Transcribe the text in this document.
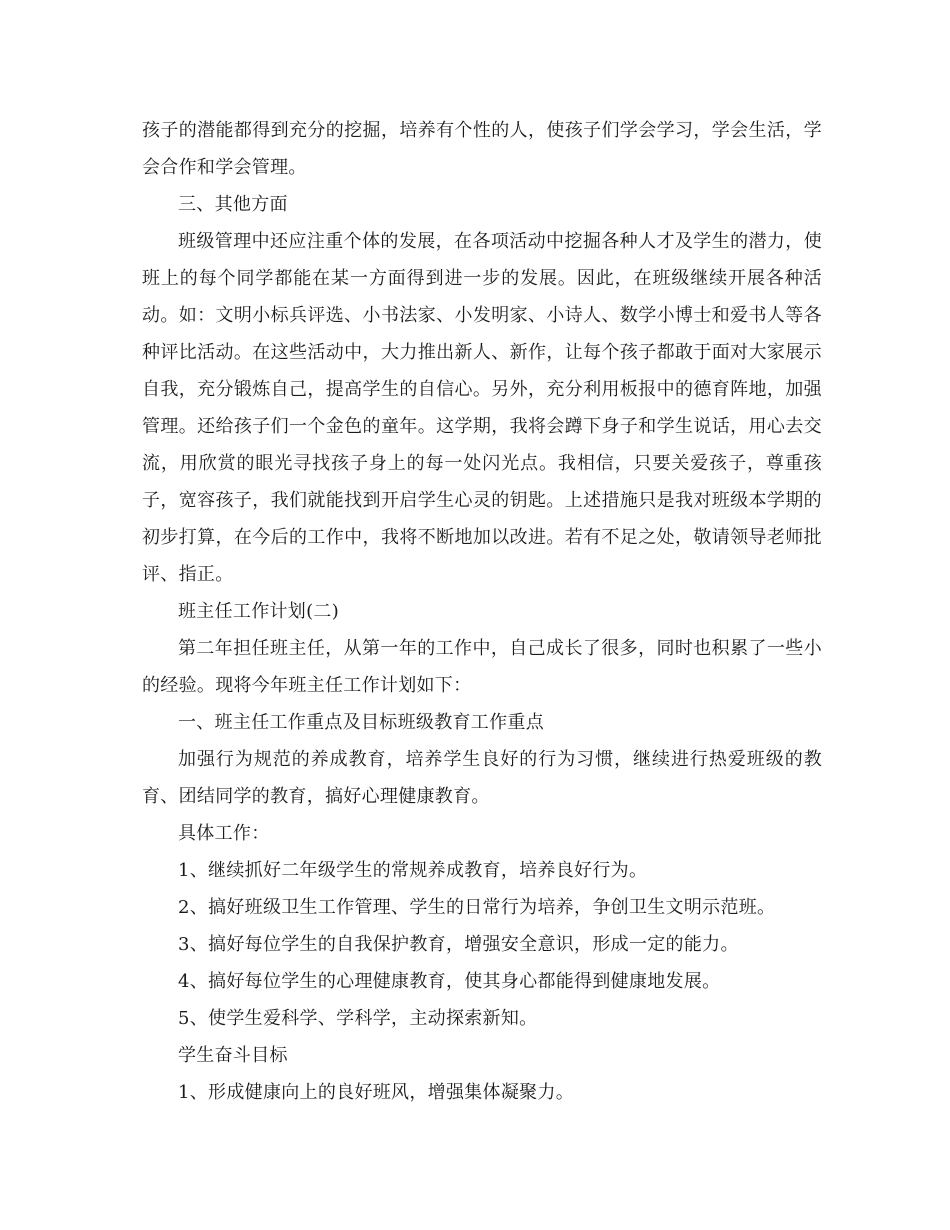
孩子的潜能都得到充分的挖掘，培养有个性的人，使孩子们学会学习，学会生活，学会合作和学会管理。

三、其他方面

班级管理中还应注重个体的发展，在各项活动中挖掘各种人才及学生的潜力，使班上的每个同学都能在某一方面得到进一步的发展。因此，在班级继续开展各种活动。如：文明小标兵评选、小书法家、小发明家、小诗人、数学小博士和爱书人等各种评比活动。在这些活动中，大力推出新人、新作，让每个孩子都敢于面对大家展示自我，充分锻炼自己，提高学生的自信心。另外，充分利用板报中的德育阵地，加强管理。还给孩子们一个金色的童年。这学期，我将会蹲下身子和学生说话，用心去交流，用欣赏的眼光寻找孩子身上的每一处闪光点。我相信，只要关爱孩子，尊重孩子，宽容孩子，我们就能找到开启学生心灵的钥匙。上述措施只是我对班级本学期的初步打算，在今后的工作中，我将不断地加以改进。若有不足之处，敬请领导老师批评、指正。

班主任工作计划(二)

第二年担任班主任，从第一年的工作中，自己成长了很多，同时也积累了一些小的经验。现将今年班主任工作计划如下：

一、班主任工作重点及目标班级教育工作重点

加强行为规范的养成教育，培养学生良好的行为习惯，继续进行热爱班级的教育、团结同学的教育，搞好心理健康教育。

具体工作：

1、继续抓好二年级学生的常规养成教育，培养良好行为。

2、搞好班级卫生工作管理、学生的日常行为培养，争创卫生文明示范班。

3、搞好每位学生的自我保护教育，增强安全意识，形成一定的能力。

4、搞好每位学生的心理健康教育，使其身心都能得到健康地发展。

5、使学生爱科学、学科学，主动探索新知。

学生奋斗目标

1、形成健康向上的良好班风，增强集体凝聚力。
